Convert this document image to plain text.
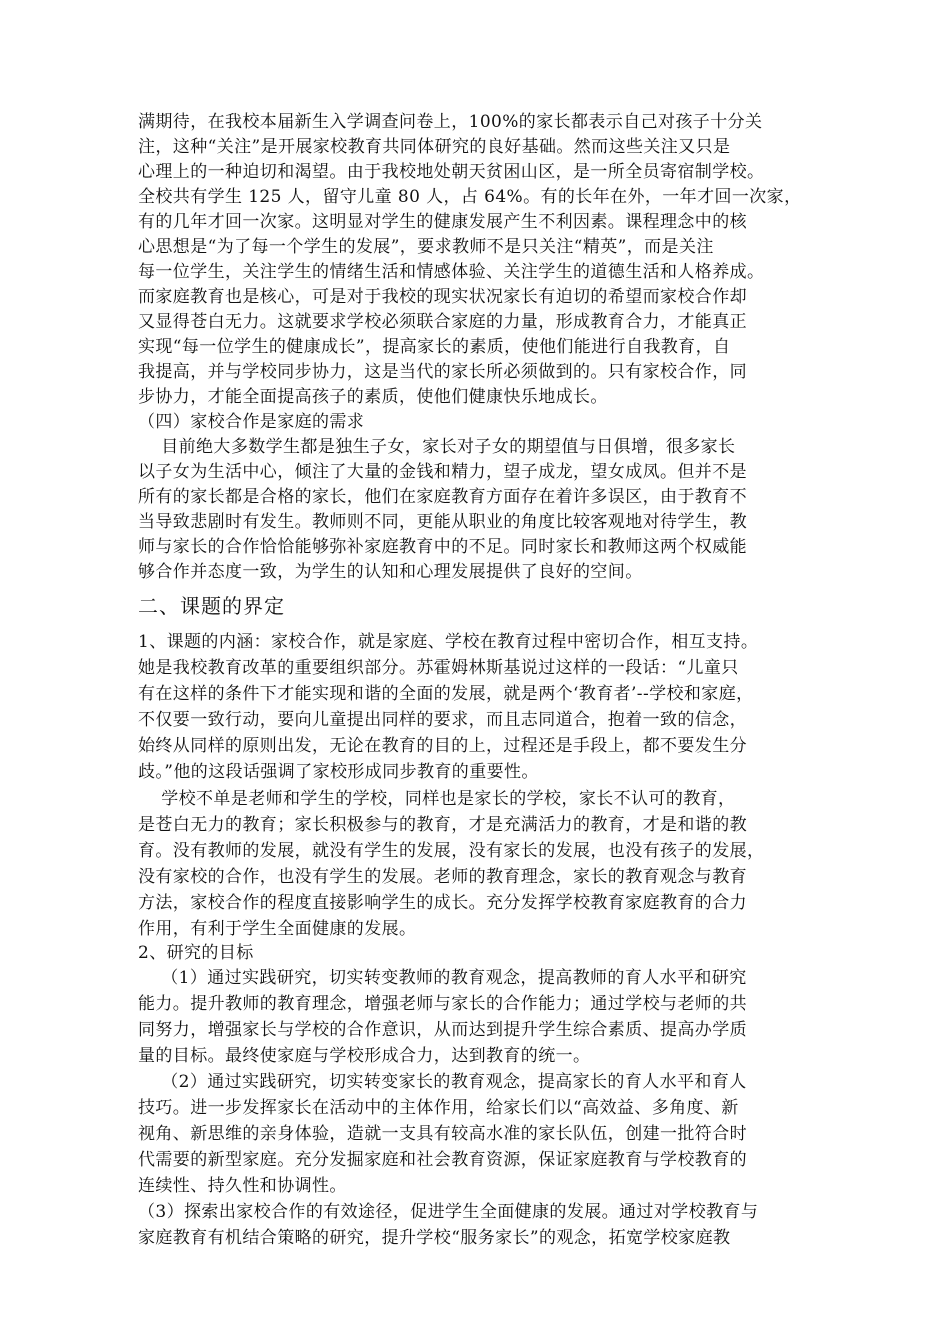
满期待，在我校本届新生入学调查问卷上，100%的家长都表示自己对孩子十分关
注，这种“关注”是开展家校教育共同体研究的良好基础。然而这些关注又只是
心理上的一种迫切和渴望。由于我校地处朝天贫困山区，是一所全员寄宿制学校。
全校共有学生 125 人，留守儿童 80 人，占 64%。有的长年在外，一年才回一次家，
有的几年才回一次家。这明显对学生的健康发展产生不利因素。课程理念中的核
心思想是“为了每一个学生的发展”，要求教师不是只关注“精英”，而是关注
每一位学生，关注学生的情绪生活和情感体验、关注学生的道德生活和人格养成。
而家庭教育也是核心，可是对于我校的现实状况家长有迫切的希望而家校合作却
又显得苍白无力。这就要求学校必须联合家庭的力量，形成教育合力，才能真正
实现“每一位学生的健康成长”，提高家长的素质，使他们能进行自我教育，自
我提高，并与学校同步协力，这是当代的家长所必须做到的。只有家校合作，同
步协力，才能全面提高孩子的素质，使他们健康快乐地成长。
（四）家校合作是家庭的需求
目前绝大多数学生都是独生子女，家长对子女的期望值与日俱增，很多家长
以子女为生活中心，倾注了大量的金钱和精力，望子成龙，望女成凤。但并不是
所有的家长都是合格的家长，他们在家庭教育方面存在着许多误区，由于教育不
当导致悲剧时有发生。教师则不同，更能从职业的角度比较客观地对待学生，教
师与家长的合作恰恰能够弥补家庭教育中的不足。同时家长和教师这两个权威能
够合作并态度一致，为学生的认知和心理发展提供了良好的空间。
二、课题的界定
1、课题的内涵：家校合作，就是家庭、学校在教育过程中密切合作，相互支持。
她是我校教育改革的重要组织部分。苏霍姆林斯基说过这样的一段话：“儿童只
有在这样的条件下才能实现和谐的全面的发展，就是两个‘教育者’--学校和家庭，
不仅要一致行动，要向儿童提出同样的要求，而且志同道合，抱着一致的信念，
始终从同样的原则出发，无论在教育的目的上，过程还是手段上，都不要发生分
歧。”他的这段话强调了家校形成同步教育的重要性。
学校不单是老师和学生的学校，同样也是家长的学校，家长不认可的教育，
是苍白无力的教育；家长积极参与的教育，才是充满活力的教育，才是和谐的教
育。没有教师的发展，就没有学生的发展，没有家长的发展，也没有孩子的发展，
没有家校的合作，也没有学生的发展。老师的教育理念，家长的教育观念与教育
方法，家校合作的程度直接影响学生的成长。充分发挥学校教育家庭教育的合力
作用，有利于学生全面健康的发展。
2、研究的目标
（1）通过实践研究，切实转变教师的教育观念，提高教师的育人水平和研究
能力。提升教师的教育理念，增强老师与家长的合作能力；通过学校与老师的共
同努力，增强家长与学校的合作意识，从而达到提升学生综合素质、提高办学质
量的目标。最终使家庭与学校形成合力，达到教育的统一。
（2）通过实践研究，切实转变家长的教育观念，提高家长的育人水平和育人
技巧。进一步发挥家长在活动中的主体作用，给家长们以“高效益、多角度、新
视角、新思维的亲身体验，造就一支具有较高水准的家长队伍，创建一批符合时
代需要的新型家庭。充分发掘家庭和社会教育资源，保证家庭教育与学校教育的
连续性、持久性和协调性。
（3）探索出家校合作的有效途径，促进学生全面健康的发展。通过对学校教育与
家庭教育有机结合策略的研究，提升学校“服务家长”的观念，拓宽学校家庭教
